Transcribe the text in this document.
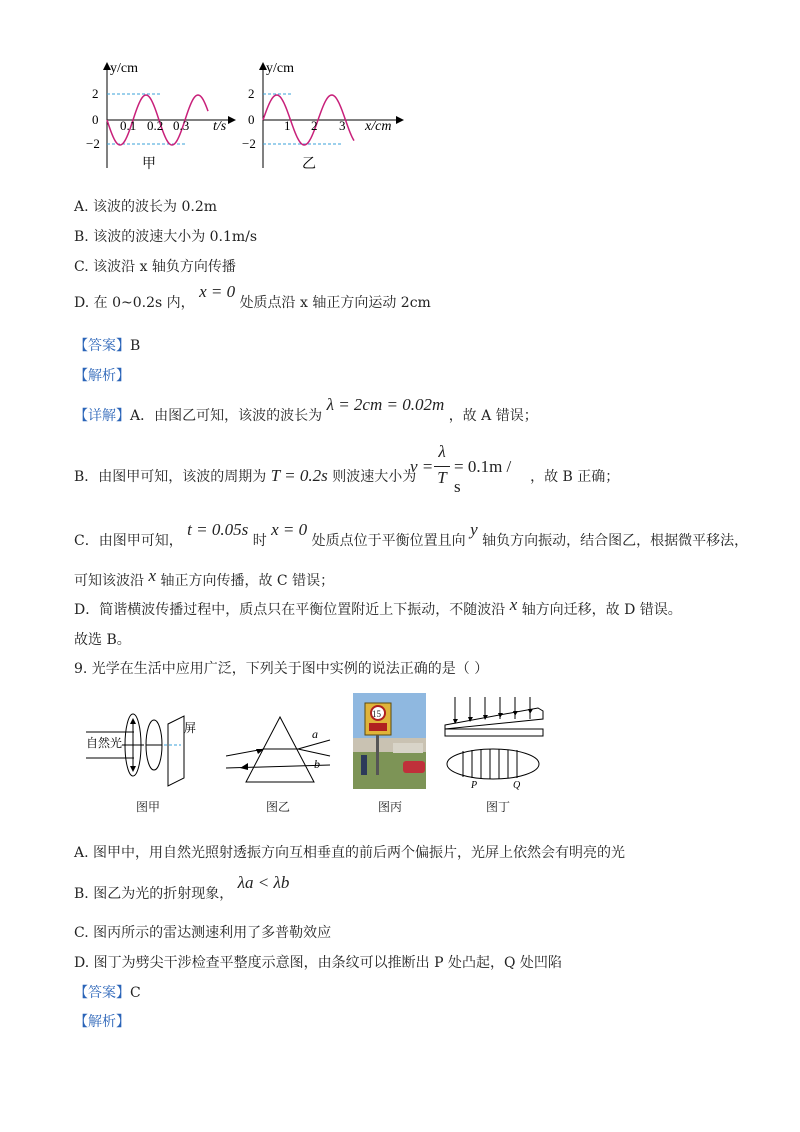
y/cm
2
0
−2
0.1 0.2 0.3 t/s
甲
y/cm
2
0
−2
1 2 3 x/cm
乙
A. 该波的波长为 0.2m
B. 该波的波速大小为 0.1m/s
C. 该波沿 x 轴负方向传播
D. 在 0~0.2s 内， x = 0 处质点沿 x 轴正方向运动 2cm
【答案】B
【解析】
【详解】A．由图乙可知，该波的波长为 λ = 2cm = 0.02m ，故 A 错误；
B．由图甲可知，该波的周期为 T = 0.2s 则波速大小为	，故 B 正确；
v =
λ
T
= 0.1m / s
C．由图甲可知， t = 0.05s 时 x = 0 处质点位于平衡位置且向 y 轴负方向振动，结合图乙，根据微平移法，
可知该波沿 x 轴正方向传播，故 C 错误；
D．简谐横波传播过程中，质点只在平衡位置附近上下振动，不随波沿 x 轴方向迁移，故 D 错误。
故选 B。
9. 光学在生活中应用广泛，下列关于图中实例的说法正确的是（ ）
自然光
屏
图甲
a
b
图乙
15
图丙
P	Q
图丁
A. 图甲中，用自然光照射透振方向互相垂直的前后两个偏振片，光屏上依然会有明亮的光
B. 图乙为光的折射现象， λa < λb
C. 图丙所示的雷达测速利用了多普勒效应
D. 图丁为劈尖干涉检查平整度示意图，由条纹可以推断出 P 处凸起，Q 处凹陷
【答案】C
【解析】
